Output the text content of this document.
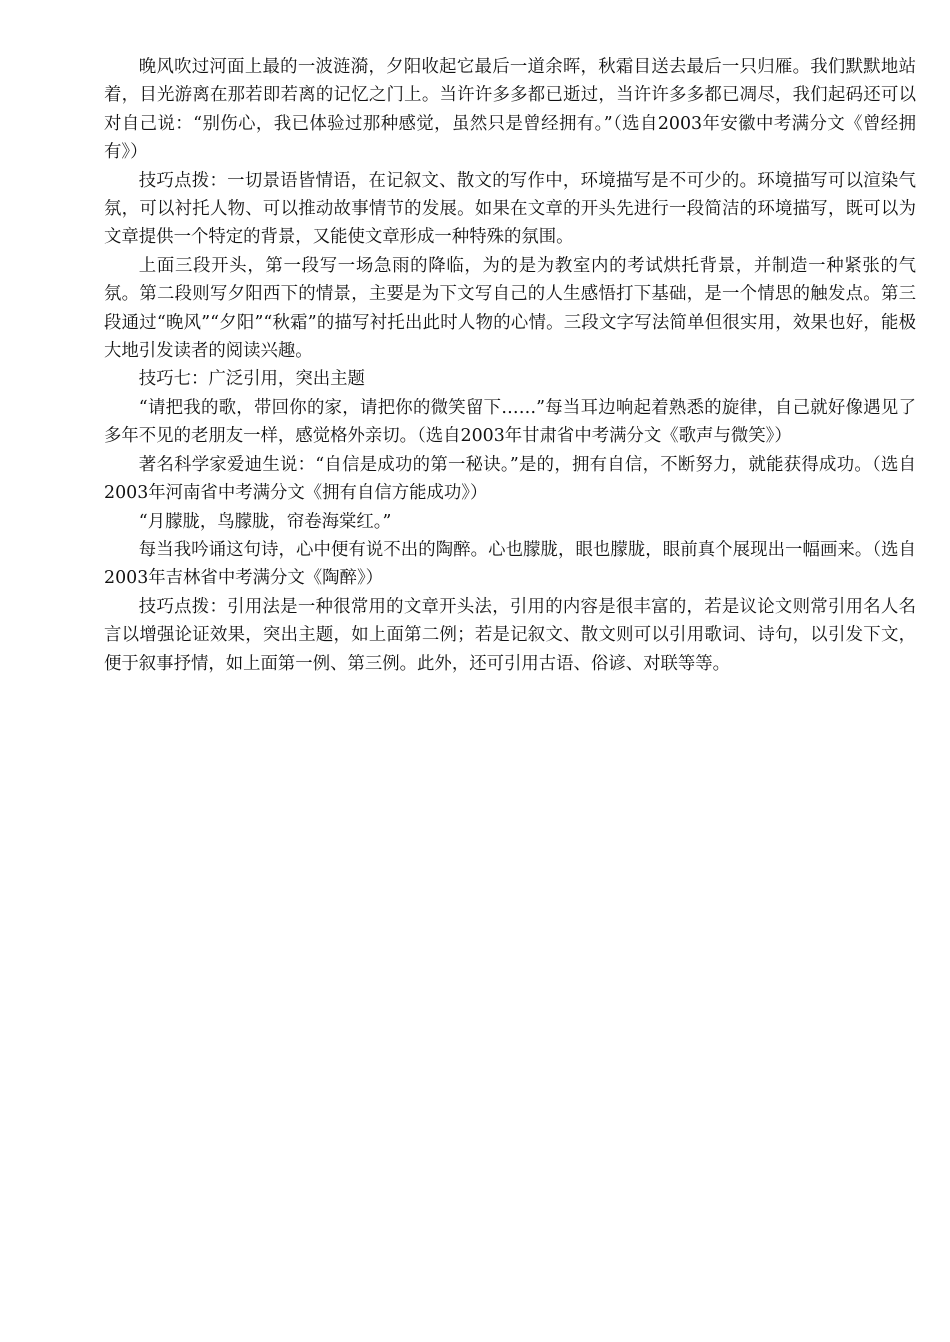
晚风吹过河面上最的一波涟漪，夕阳收起它最后一道余晖，秋霜目送去最后一只归雁。我们默默地站着，目光游离在那若即若离的记忆之门上。当许许多多都已逝过，当许许多多都已凋尽，我们起码还可以对自己说：“别伤心，我已体验过那种感觉，虽然只是曾经拥有。”（选自2003年安徽中考满分文《曾经拥有》）

技巧点拨：一切景语皆情语，在记叙文、散文的写作中，环境描写是不可少的。环境描写可以渲染气氛，可以衬托人物、可以推动故事情节的发展。如果在文章的开头先进行一段简洁的环境描写，既可以为文章提供一个特定的背景，又能使文章形成一种特殊的氛围。

上面三段开头，第一段写一场急雨的降临，为的是为教室内的考试烘托背景，并制造一种紧张的气氛。第二段则写夕阳西下的情景，主要是为下文写自己的人生感悟打下基础，是一个情思的触发点。第三段通过“晚风”“夕阳”“秋霜”的描写衬托出此时人物的心情。三段文字写法简单但很实用，效果也好，能极大地引发读者的阅读兴趣。

技巧七：广泛引用，突出主题

“请把我的歌，带回你的家，请把你的微笑留下……”每当耳边响起着熟悉的旋律，自己就好像遇见了多年不见的老朋友一样，感觉格外亲切。（选自2003年甘肃省中考满分文《歌声与微笑》）

著名科学家爱迪生说：“自信是成功的第一秘诀。”是的，拥有自信，不断努力，就能获得成功。（选自2003年河南省中考满分文《拥有自信方能成功》）

“月朦胧，鸟朦胧，帘卷海棠红。”

每当我吟诵这句诗，心中便有说不出的陶醉。心也朦胧，眼也朦胧，眼前真个展现出一幅画来。（选自2003年吉林省中考满分文《陶醉》）

技巧点拨：引用法是一种很常用的文章开头法，引用的内容是很丰富的，若是议论文则常引用名人名言以增强论证效果，突出主题，如上面第二例；若是记叙文、散文则可以引用歌词、诗句，以引发下文，便于叙事抒情，如上面第一例、第三例。此外，还可引用古语、俗谚、对联等等。
